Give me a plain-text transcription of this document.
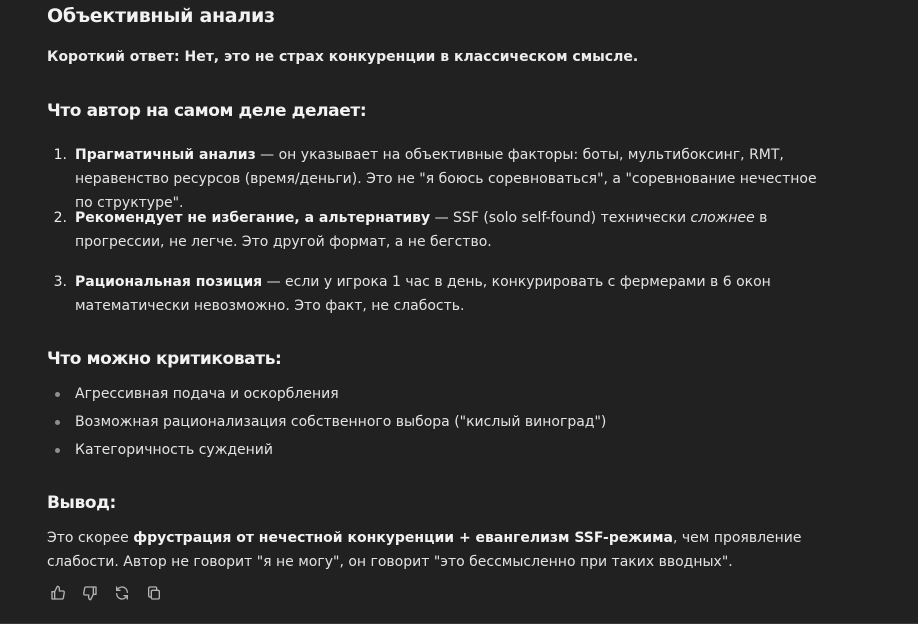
Объективный анализ

Короткий ответ: Нет, это не страх конкуренции в классическом смысле.

Что автор на самом деле делает:
1. Прагматичный анализ — он указывает на объективные факторы: боты, мультибоксинг, RMT, неравенство ресурсов (время/деньги). Это не "я боюсь соревноваться", а "соревнование нечестное по структуре".
2. Рекомендует не избегание, а альтернативу — SSF (solo self-found) технически сложнее в прогрессии, не легче. Это другой формат, а не бегство.
3. Рациональная позиция — если у игрока 1 час в день, конкурировать с фермерами в 6 окон математически невозможно. Это факт, не слабость.
Что можно критиковать:
Агрессивная подача и оскорбления
Возможная рационализация собственного выбора ("кислый виноград")
Категоричность суждений
Вывод:
Это скорее фрустрация от нечестной конкуренции + евангелизм SSF-режима, чем проявление слабости. Автор не говорит "я не могу", он говорит "это бессмысленно при таких вводных".
